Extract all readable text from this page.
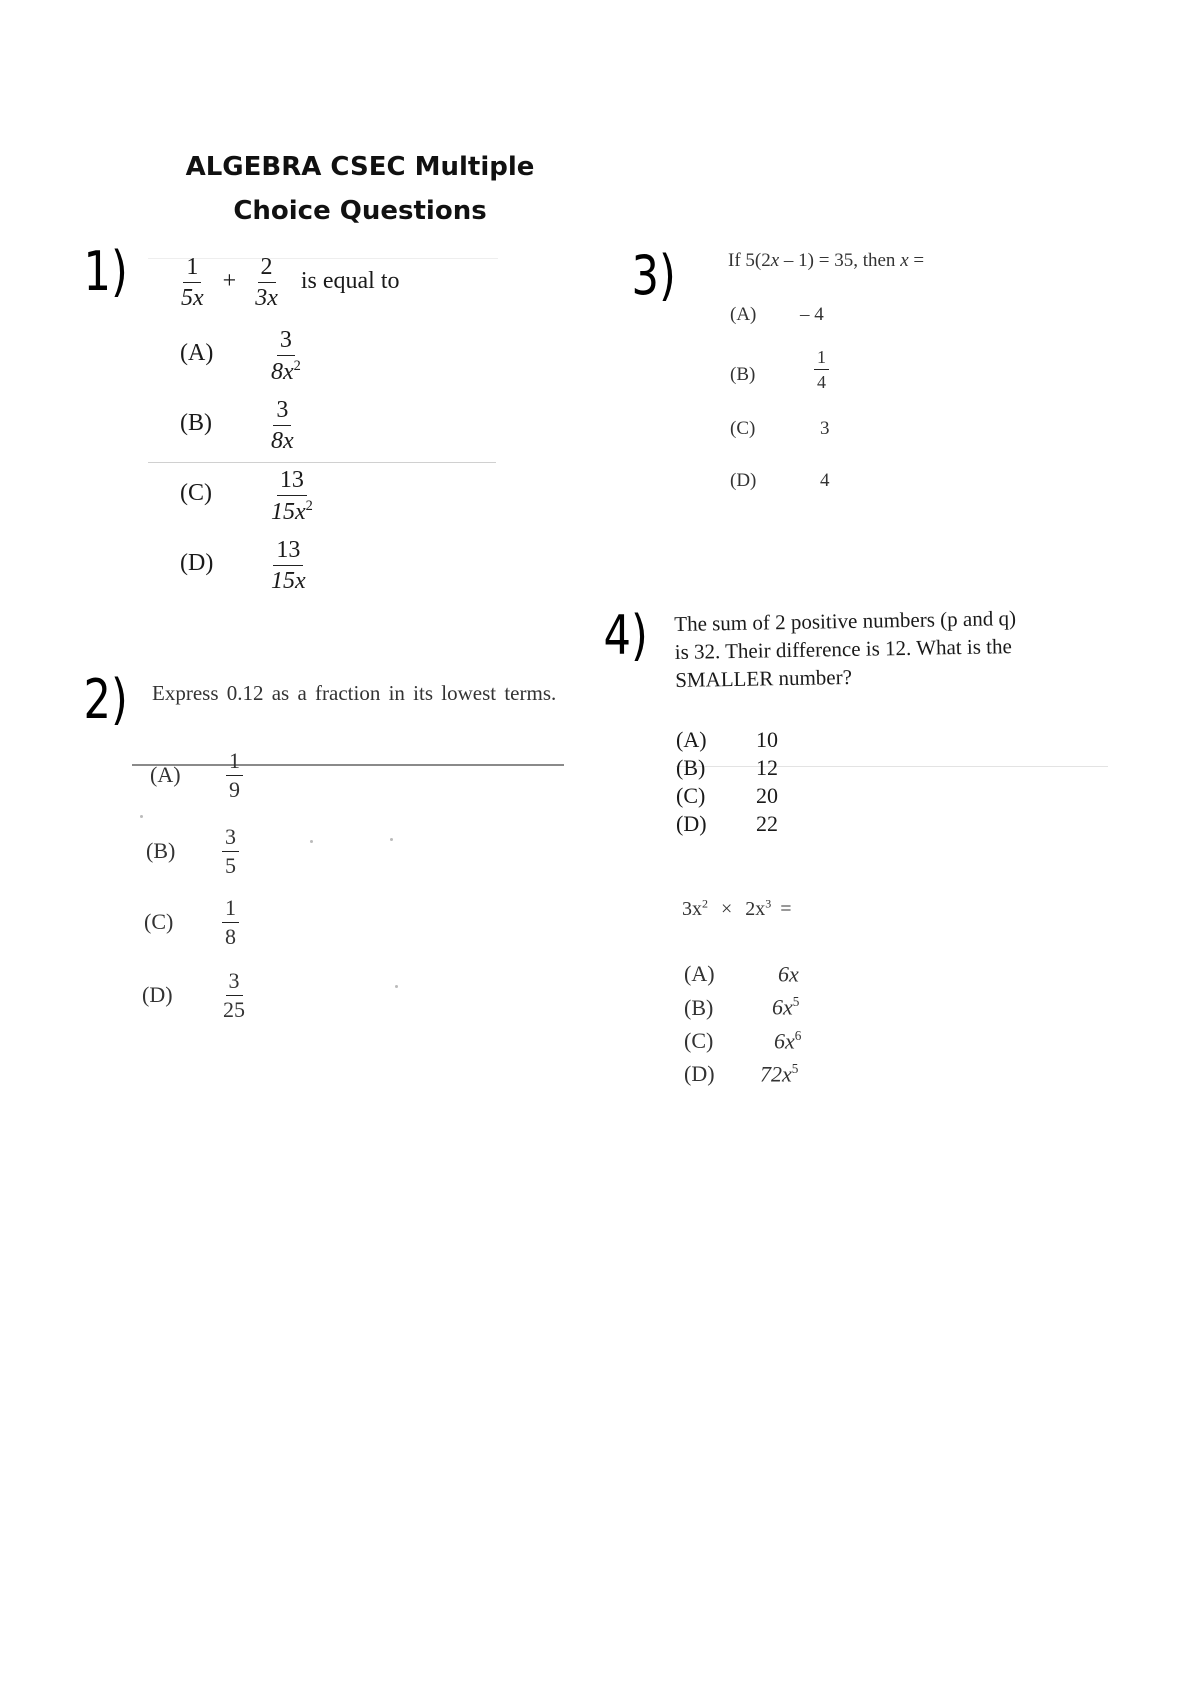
ALGEBRA CSEC Multiple
Choice Questions
$1) \frac{1}{5x} + \frac{2}{3x}$ is equal to
$(A) \frac{3}{8x^2}$
$(B) \frac{3}{8x}$
$(C) \frac{13}{15x^2}$
$(D) \frac{13}{15x}$
2) Express 0.12 as a fraction in its lowest terms.
$(A) \frac{1}{9}$
$(B) \frac{3}{5}$
$(C) \frac{1}{8}$
$(D) \frac{3}{25}$
3)	If 5(2x – 1) = 35, then x =
(A) – 4
(B)	$\frac{1}{4}$
(C)	3
(D)	4
4) The sum of 2 positive numbers (p and q)
is 32. Their difference is 12. What is the
SMALLER number?
(A) 10
(B) 12
(C) 20
(D) 22
$3x^2 \times 2x^3$ =
(A)	6x
(B)	$6x^5$
(C)	$6x^6$
(D) $72x^5$
